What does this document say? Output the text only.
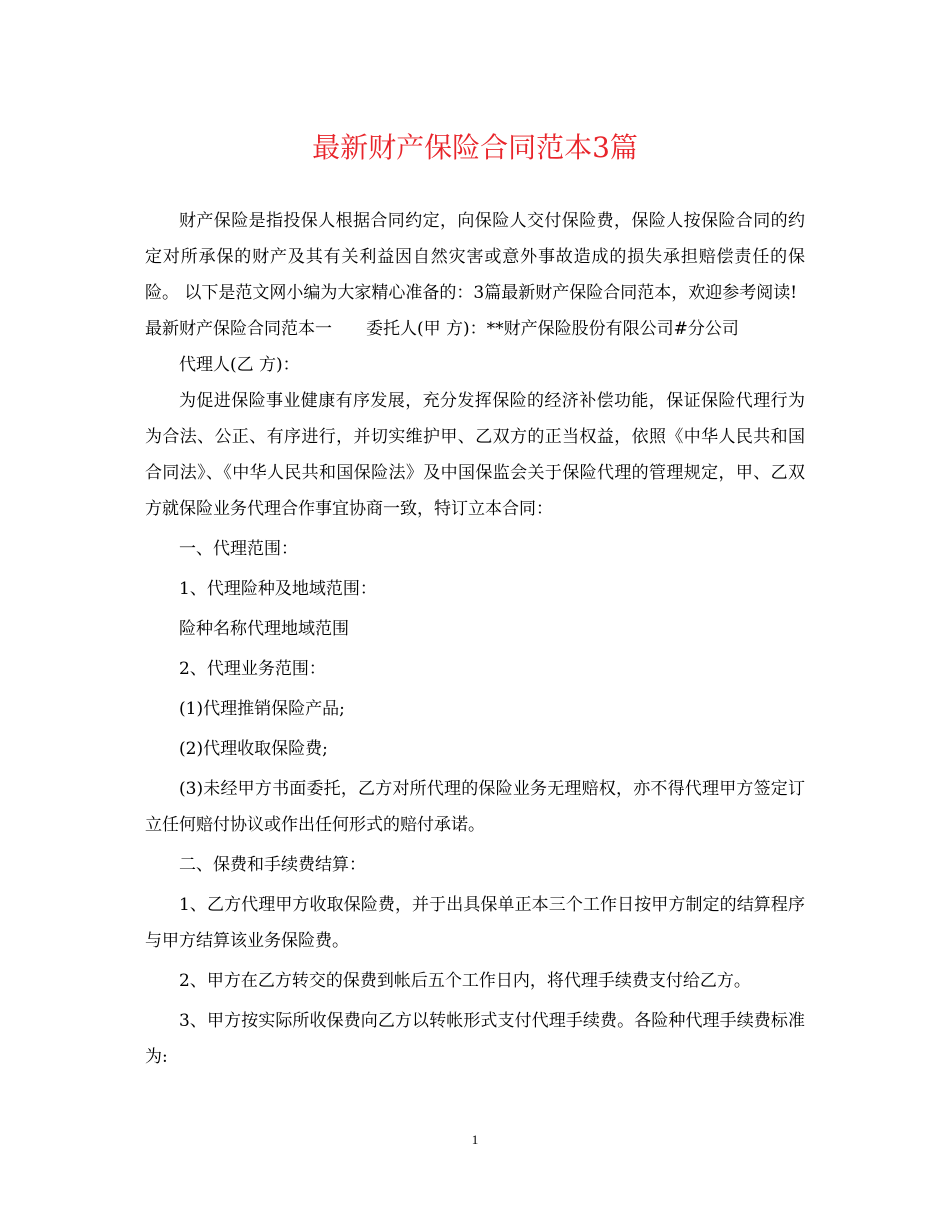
最新财产保险合同范本3篇

财产保险是指投保人根据合同约定，向保险人交付保险费，保险人按保险合同的约定对所承保的财产及其有关利益因自然灾害或意外事故造成的损失承担赔偿责任的保险。 以下是范文网小编为大家精心准备的：3篇最新财产保险合同范本，欢迎参考阅读!

最新财产保险合同范本一　　委托人(甲 方)：**财产保险股份有限公司#分公司

代理人(乙 方)：

为促进保险事业健康有序发展，充分发挥保险的经济补偿功能，保证保险代理行为为合法、公正、有序进行，并切实维护甲、乙双方的正当权益，依照《中华人民共和国合同法》、《中华人民共和国保险法》及中国保监会关于保险代理的管理规定，甲、乙双方就保险业务代理合作事宜协商一致，特订立本合同：

一、代理范围：

1、代理险种及地域范围：

险种名称代理地域范围

2、代理业务范围：

(1)代理推销保险产品;

(2)代理收取保险费;

(3)未经甲方书面委托，乙方对所代理的保险业务无理赔权，亦不得代理甲方签定订立任何赔付协议或作出任何形式的赔付承诺。

二、保费和手续费结算：

1、乙方代理甲方收取保险费，并于出具保单正本三个工作日按甲方制定的结算程序与甲方结算该业务保险费。

2、甲方在乙方转交的保费到帐后五个工作日内，将代理手续费支付给乙方。

3、甲方按实际所收保费向乙方以转帐形式支付代理手续费。各险种代理手续费标准为:

1
